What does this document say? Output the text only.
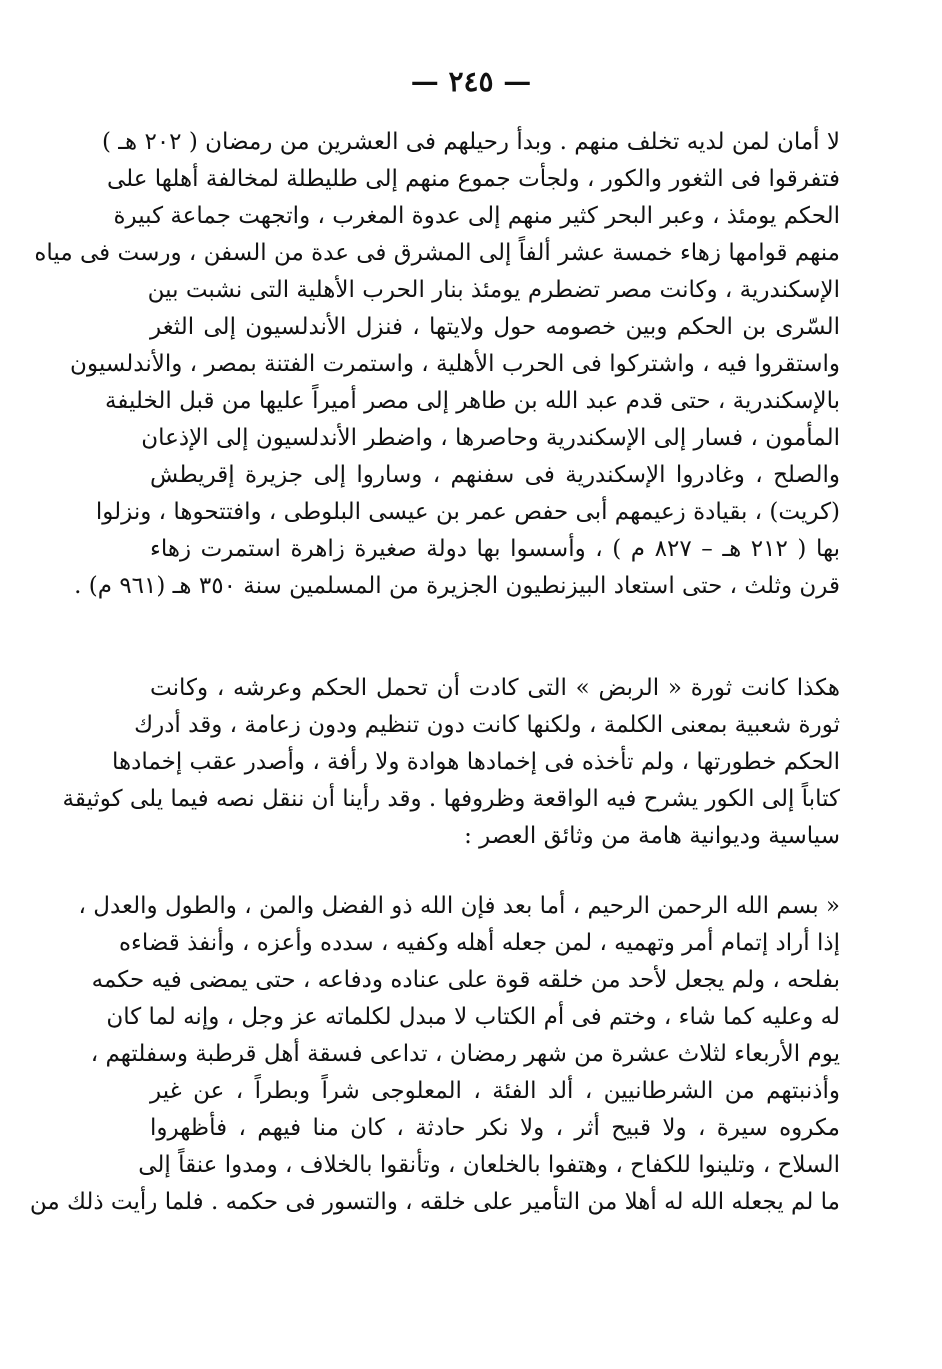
— ٢٤٥ —
لا أمان لمن لديه تخلف منهم . وبدأ رحيلهم فى العشرين من رمضان ( ٢٠٢ هـ )
فتفرقوا فى الثغور والكور ، ولجأت جموع منهم إلى طليطلة لمخالفة أهلها على
الحكم يومئذ ، وعبر البحر كثير منهم إلى عدوة المغرب ، واتجهت جماعة كبيرة
منهم قوامها زهاء خمسة عشر ألفاً إلى المشرق فى عدة من السفن ، ورست فى مياه
الإسكندرية ، وكانت مصر تضطرم يومئذ بنار الحرب الأهلية التى نشبت بين
السّرى بن الحكم وبين خصومه حول ولايتها ، فنزل الأندلسيون إلى الثغر
واستقروا فيه ، واشتركوا فى الحرب الأهلية ، واستمرت الفتنة بمصر ، والأندلسيون
بالإسكندرية ، حتى قدم عبد الله بن طاهر إلى مصر أميراً عليها من قبل الخليفة
المأمون ، فسار إلى الإسكندرية وحاصرها ، واضطر الأندلسيون إلى الإذعان
والصلح ، وغادروا الإسكندرية فى سفنهم ، وساروا إلى جزيرة إقريطش
(كريت) ، بقيادة زعيمهم أبى حفص عمر بن عيسى البلوطى ، وافتتحوها ، ونزلوا
بها ( ٢١٢ هـ – ٨٢٧ م ) ، وأسسوا بها دولة صغيرة زاهرة استمرت زهاء
قرن وثلث ، حتى استعاد البيزنطيون الجزيرة من المسلمين سنة ٣٥٠ هـ (٩٦١ م) .
هكذا كانت ثورة « الربض » التى كادت أن تحمل الحكم وعرشه ، وكانت
ثورة شعبية بمعنى الكلمة ، ولكنها كانت دون تنظيم ودون زعامة ، وقد أدرك
الحكم خطورتها ، ولم تأخذه فى إخمادها هوادة ولا رأفة ، وأصدر عقب إخمادها
كتاباً إلى الكور يشرح فيه الواقعة وظروفها . وقد رأينا أن ننقل نصه فيما يلى كوثيقة
سياسية وديوانية هامة من وثائق العصر :
« بسم الله الرحمن الرحيم ، أما بعد فإن الله ذو الفضل والمن ، والطول والعدل ،
إذا أراد إتمام أمر وتهميه ، لمن جعله أهله وكفيه ، سدده وأعزه ، وأنفذ قضاءه
بفلحه ، ولم يجعل لأحد من خلقه قوة على عناده ودفاعه ، حتى يمضى فيه حكمه
له وعليه كما شاء ، وختم فى أم الكتاب لا مبدل لكلماته عز وجل ، وإنه لما كان
يوم الأربعاء لثلاث عشرة من شهر رمضان ، تداعى فسقة أهل قرطبة وسفلتهم ،
وأذنبتهم من الشرطانيين ، ألد الفئة ، المعلوجى شراً وبطراً ، عن غير
مكروه سيرة ، ولا قبيح أثر ، ولا نكر حادثة ، كان منا فيهم ، فأظهروا
السلاح ، وتلينوا للكفاح ، وهتفوا بالخلعان ، وتأنقوا بالخلاف ، ومدوا عنقاً إلى
ما لم يجعله الله له أهلا من التأمير على خلقه ، والتسور فى حكمه . فلما رأيت ذلك من
